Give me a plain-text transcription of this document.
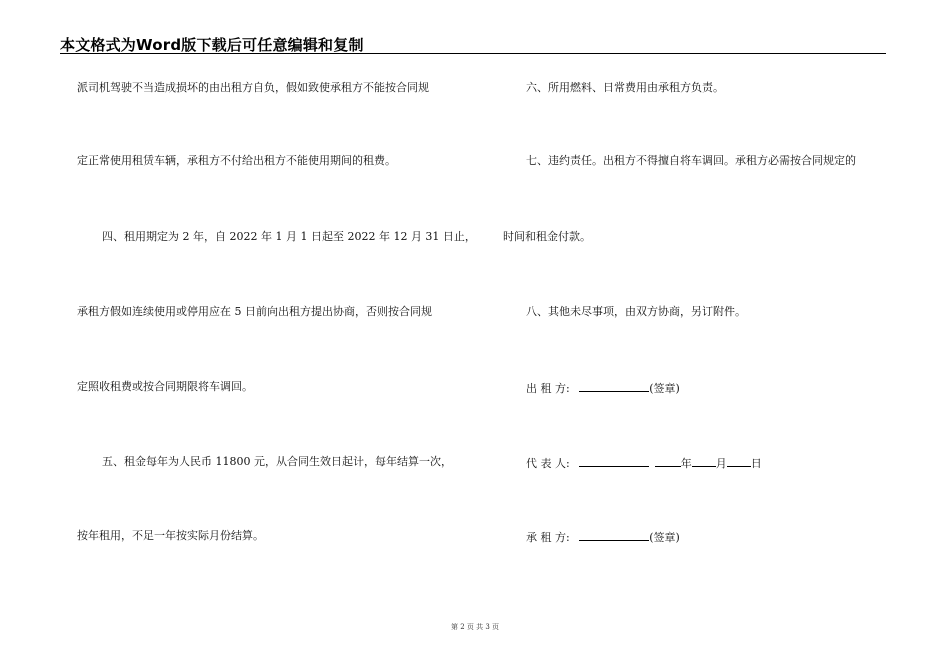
本文格式为Word版下载后可任意编辑和复制
派司机驾驶不当造成损坏的由出租方自负，假如致使承租方不能按合同规
定正常使用租赁车辆，承租方不付给出租方不能使用期间的租费。
四、租用期定为 2 年，自 2022 年 1 月 1 日起至 2022 年 12 月 31 日止，
承租方假如连续使用或停用应在 5 日前向出租方提出协商，否则按合同规
定照收租费或按合同期限将车调回。
五、租金每年为人民币 11800 元，从合同生效日起计，每年结算一次，
按年租用，不足一年按实际月份结算。
六、所用燃料、日常费用由承租方负责。
七、违约责任。出租方不得擅自将车调回。承租方必需按合同规定的
时间和租金付款。
八、其他未尽事项，由双方协商，另订附件。
出 租 方:	(签章)
代 表 人:	年 月 日
承 租 方:	(签章)
第 2 页 共 3 页
